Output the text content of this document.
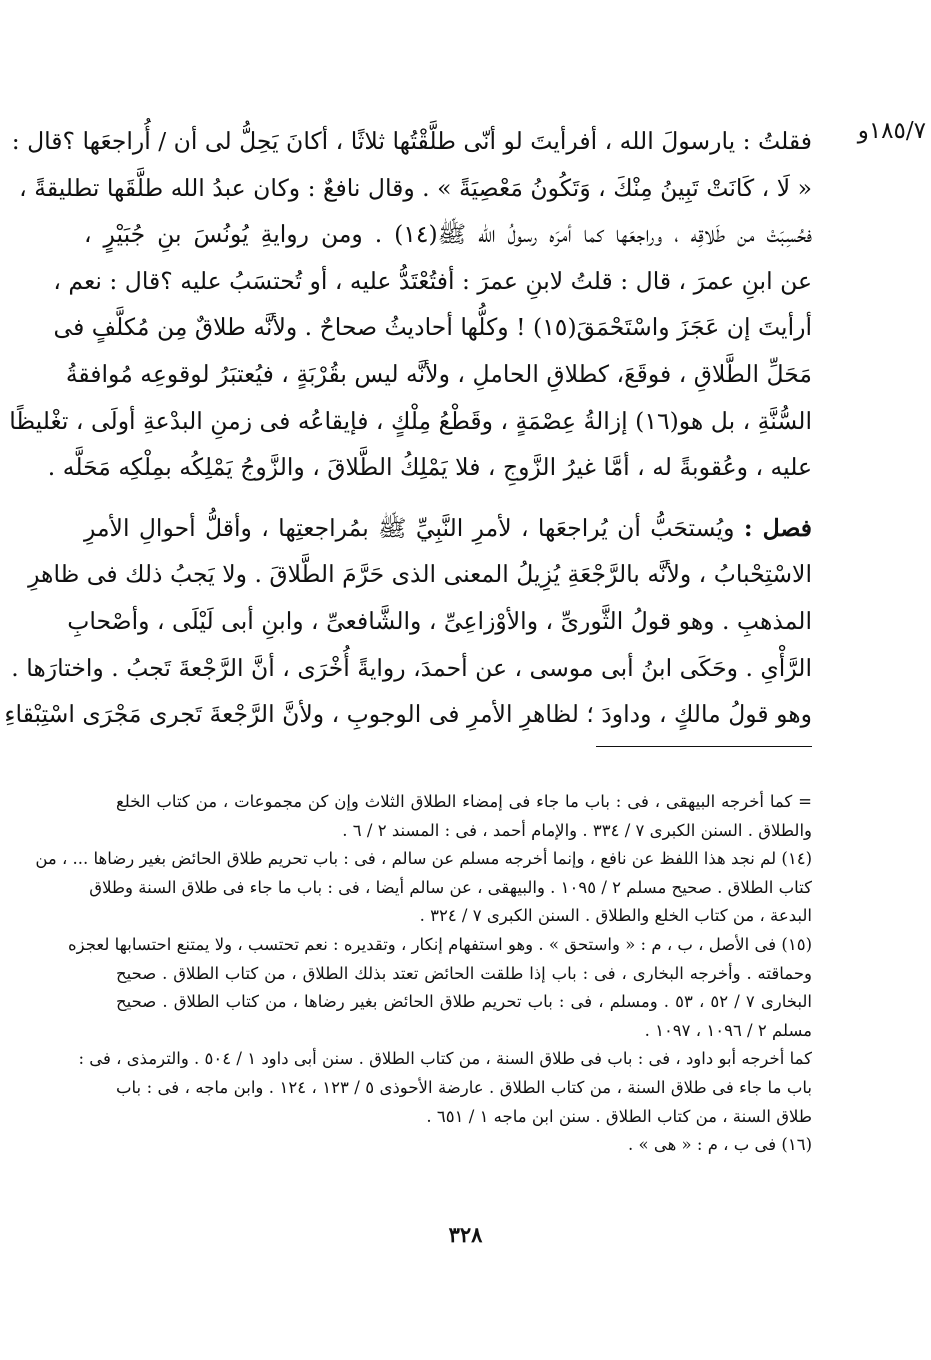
١٨٥/٧و
فقلتُ : يارسولَ الله ، أفرأيتَ لو أنّى طلَّقْتُها ثلاثًا ، أكانَ يَحِلُّ لى أن / أُراجعَها ؟قال :
« لَا ، كَانَتْ تَبِينُ مِنْكَ ، وَتَكُونُ مَعْصِيَةً » . وقال نافعٌ : وكان عبدُ الله طلَّقَها تطليقةً ،
فحُسِبَتْ من طَلاقِه ، وراجعَها كما أمرَه رسولُ الله ﷺ(١٤) . ومن روايةِ يُونُسَ بنِ جُبَيْرٍ ،
عن ابنِ عمرَ ، قال : قلتُ لابنِ عمرَ : أفتُعْتَدُّ عليه ، أو تُحتسَبُ عليه ؟قال : نعم ،
أرأيتَ إن عَجَزَ واسْتَحْمَقَ(١٥) ! وكلُّها أحاديثُ صحاحٌ . ولأنَّه طلاقٌ مِن مُكلَّفٍ فى
مَحَلِّ الطَّلاقِ ، فوقَعَ، كطلاقِ الحاملِ ، ولأنَّه ليس بقُرْبَةٍ ، فيُعتبَرُ لوقوعِه مُوافقةُ
السُّنَّةِ ، بل هو(١٦) إزالةُ عِصْمَةٍ ، وقَطْعُ مِلْكٍ ، فإيقاعُه فى زمنِ البدْعةِ أولَى ، تغْليظًا
عليه ، وعُقوبةً له ، أمَّا غيرُ الزَّوجِ ، فلا يَمْلِكُ الطَّلاقَ ، والزَّوجُ يَمْلِكُه بمِلْكِه مَحَلَّه .
فصل : ويُستحَبُّ أن يُراجعَها ، لأمرِ النَّبِيِّ ﷺ بمُراجعتِها ، وأقلُّ أحوالِ الأمرِ
الاسْتِحْبابُ ، ولأنَّه بالرَّجْعَةِ يُزِيلُ المعنى الذى حَرَّمَ الطَّلاقَ . ولا يَجبُ ذلك فى ظاهرِ
المذهبِ . وهو قولُ الثَّورىِّ ، والأوْزاعِىِّ ، والشَّافعىِّ ، وابنِ أبى لَيْلَى ، وأصْحابِ
الرَّأْىِ . وحَكَى ابنُ أبى موسى ، عن أحمدَ، روايةً أُخْرَى ، أنَّ الرَّجْعةَ تَجبُ . واختارَها .
وهو قولُ مالكٍ ، وداودَ ؛ لظاهرِ الأمرِ فى الوجوبِ ، ولأنَّ الرَّجْعةَ تَجرى مَجْرَى اسْتِبْقاءِ
= كما أخرجه البيهقى ، فى : باب ما جاء فى إمضاء الطلاق الثلاث وإن كن مجموعات ، من كتاب الخلع
والطلاق . السنن الكبرى ٧ / ٣٣٤ . والإمام أحمد ، فى : المسند ٢ / ٦ .
(١٤) لم نجد هذا اللفظ عن نافع ، وإنما أخرجه مسلم عن سالم ، فى : باب تحريم طلاق الحائض بغير رضاها ... ، من
كتاب الطلاق . صحيح مسلم ٢ / ١٠٩٥ . والبيهقى ، عن سالم أيضا ، فى : باب ما جاء فى طلاق السنة وطلاق
البدعة ، من كتاب الخلع والطلاق . السنن الكبرى ٧ / ٣٢٤ .
(١٥) فى الأصل ، ب ، م : « واستحق » . وهو استفهام إنكار ، وتقديره : نعم تحتسب ، ولا يمتنع احتسابها لعجزه
وحماقته . وأخرجه البخارى ، فى : باب إذا طلقت الحائض تعتد بذلك الطلاق ، من كتاب الطلاق . صحيح
البخارى ٧ / ٥٢ ، ٥٣ . ومسلم ، فى : باب تحريم طلاق الحائض بغير رضاها ، من كتاب الطلاق . صحيح
مسلم ٢ / ١٠٩٦ ، ١٠٩٧ .
كما أخرجه أبو داود ، فى : باب فى طلاق السنة ، من كتاب الطلاق . سنن أبى داود ١ / ٥٠٤ . والترمذى ، فى :
باب ما جاء فى طلاق السنة ، من كتاب الطلاق . عارضة الأحوذى ٥ / ١٢٣ ، ١٢٤ . وابن ماجه ، فى : باب
طلاق السنة ، من كتاب الطلاق . سنن ابن ماجه ١ / ٦٥١ .
(١٦) فى ب ، م : « هى » .
٣٢٨
